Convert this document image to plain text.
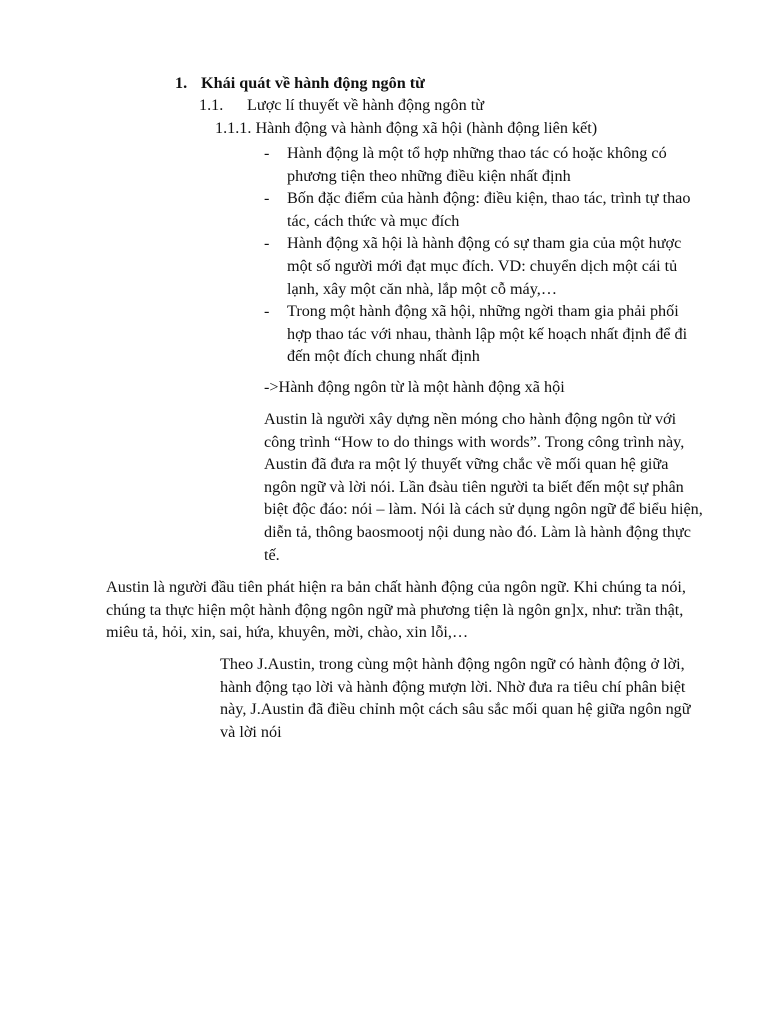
1. Khái quát về hành động ngôn từ
1.1. Lược lí thuyết về hành động ngôn từ
1.1.1. Hành động và hành động xã hội (hành động liên kết)
- Hành động là một tổ hợp những thao tác có hoặc không có phương tiện theo những điều kiện nhất định
- Bốn đặc điểm của hành động: điều kiện, thao tác, trình tự thao tác, cách thức và mục đích
- Hành động xã hội là hành động có sự tham gia của một hược một số người mới đạt mục đích. VD: chuyển dịch một cái tủ lạnh, xây một căn nhà, lắp một cỗ máy,…
- Trong một hành động xã hội, những ngời tham gia phải phối hợp thao tác với nhau, thành lập một kế hoạch nhất định để đi đến một đích chung nhất định

->Hành động ngôn từ là một hành động xã hội

Austin là người xây dựng nền móng cho hành động ngôn từ với công trình “How to do things with words”. Trong công trình này, Austin đã đưa ra một lý thuyết vững chắc về mối quan hệ giữa ngôn ngữ và lời nói. Lần đsàu tiên người ta biết đến một sự phân biệt độc đáo: nói – làm. Nói là cách sử dụng ngôn ngữ để biểu hiện, diễn tả, thông baosmootj nội dung nào đó. Làm là hành động thực tế.

Austin là người đầu tiên phát hiện ra bản chất hành động của ngôn ngữ. Khi chúng ta nói, chúng ta thực hiện một hành động ngôn ngữ mà phương tiện là ngôn gn]x, như: trần thật, miêu tả, hỏi, xin, sai, hứa, khuyên, mời, chào, xin lỗi,…

Theo J.Austin, trong cùng một hành động ngôn ngữ có hành động ở lời, hành động tạo lời và hành động mượn lời. Nhờ đưa ra tiêu chí phân biệt này, J.Austin đã điều chỉnh một cách sâu sắc mối quan hệ giữa ngôn ngữ và lời nói
